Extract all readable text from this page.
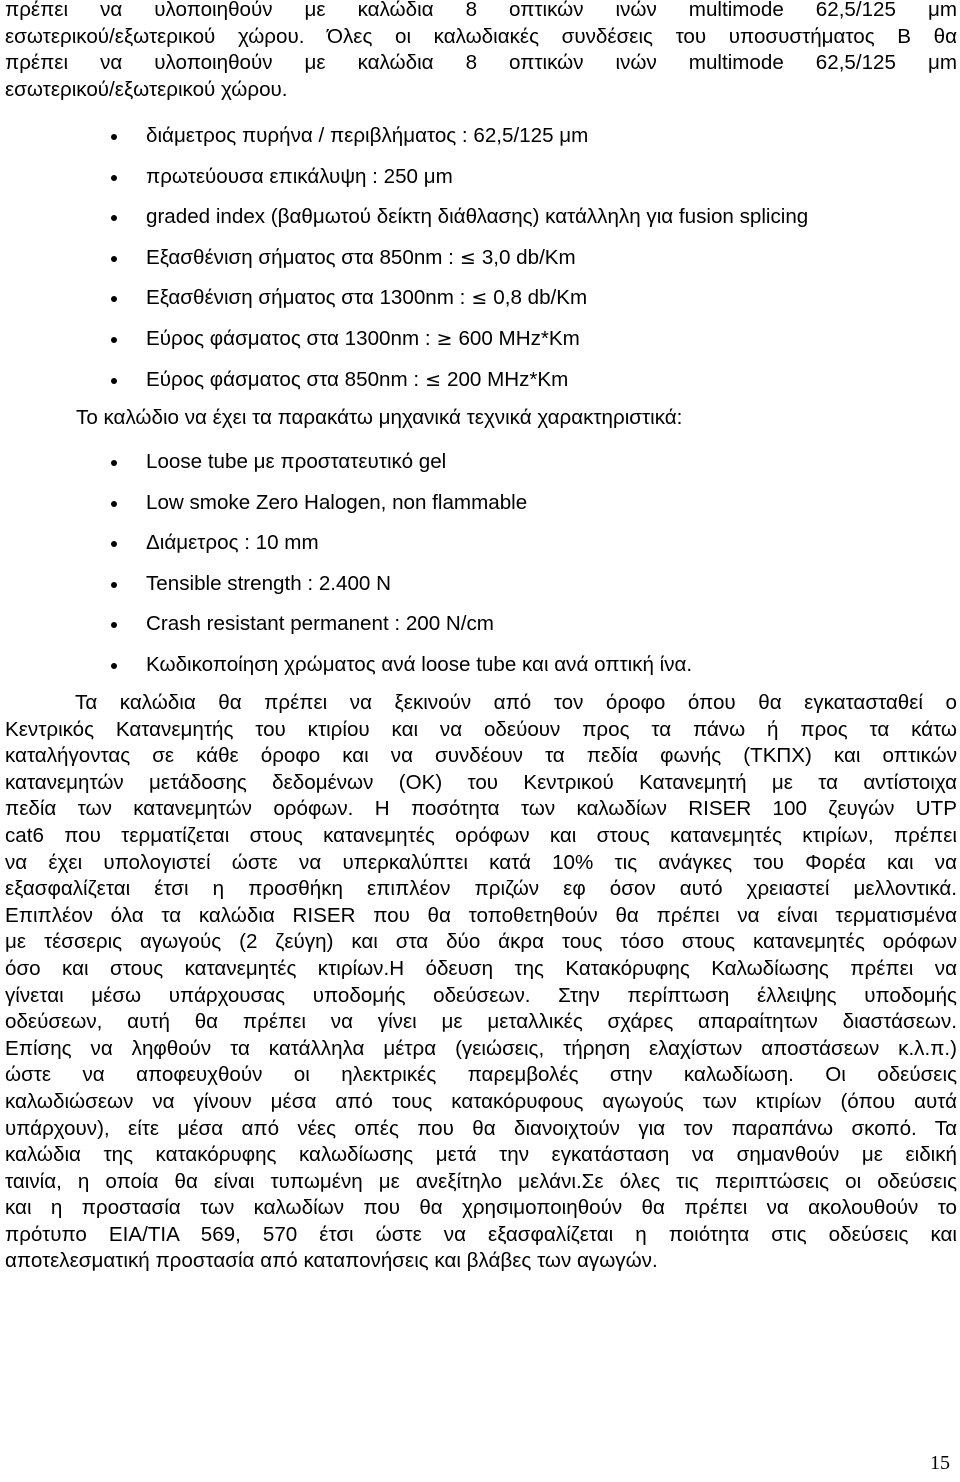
πρέπει να υλοποιηθούν με καλώδια 8 οπτικών ινών multimode 62,5/125 μm
εσωτερικού/εξωτερικού χώρου. Όλες οι καλωδιακές συνδέσεις του υποσυστήματος Β θα
πρέπει να υλοποιηθούν με καλώδια 8 οπτικών ινών multimode 62,5/125 μm
εσωτερικού/εξωτερικού χώρου.
διάμετρος πυρήνα / περιβλήματος : 62,5/125 μm
πρωτεύουσα επικάλυψη : 250 μm
graded index (βαθμωτού δείκτη διάθλασης) κατάλληλη για fusion splicing
Εξασθένιση σήματος στα 850nm : ≤ 3,0 db/Km
Εξασθένιση σήματος στα 1300nm : ≤ 0,8 db/Km
Εύρος φάσματος στα 1300nm : ≥ 600 MHz*Km
Εύρος φάσματος στα 850nm : ≤ 200 MHz*Km
Το καλώδιο να έχει τα παρακάτω μηχανικά τεχνικά χαρακτηριστικά:
Loose tube με προστατευτικό gel
Low smoke Zero Halogen, non flammable
Διάμετρος : 10 mm
Tensible strength : 2.400 N
Crash resistant permanent : 200 N/cm
Κωδικοποίηση χρώματος ανά loose tube και ανά οπτική ίνα.
Τα καλώδια θα πρέπει να ξεκινούν από τον όροφο όπου θα εγκατασταθεί ο
Κεντρικός Κατανεμητής του κτιρίου και να οδεύουν προς τα πάνω ή προς τα κάτω
καταλήγοντας σε κάθε όροφο και να συνδέουν τα πεδία φωνής (ΤΚΠΧ) και οπτικών
κατανεμητών μετάδοσης δεδομένων (ΟΚ) του Κεντρικού Κατανεμητή με τα αντίστοιχα
πεδία των κατανεμητών ορόφων. Η ποσότητα των καλωδίων RISER 100 ζευγών UTP
cat6 που τερματίζεται στους κατανεμητές ορόφων και στους κατανεμητές κτιρίων, πρέπει
να έχει υπολογιστεί ώστε να υπερκαλύπτει κατά 10% τις ανάγκες του Φορέα και να
εξασφαλίζεται έτσι η προσθήκη επιπλέον πριζών εφ όσον αυτό χρειαστεί μελλοντικά.
Επιπλέον όλα τα καλώδια RISER που θα τοποθετηθούν θα πρέπει να είναι τερματισμένα
με τέσσερις αγωγούς (2 ζεύγη) και στα δύο άκρα τους τόσο στους κατανεμητές ορόφων
όσο και στους κατανεμητές κτιρίων.Η όδευση της Κατακόρυφης Καλωδίωσης πρέπει να
γίνεται μέσω υπάρχουσας υποδομής οδεύσεων. Στην περίπτωση έλλειψης υποδομής
οδεύσεων, αυτή θα πρέπει να γίνει με μεταλλικές σχάρες απαραίτητων διαστάσεων.
Επίσης να ληφθούν τα κατάλληλα μέτρα (γειώσεις, τήρηση ελαχίστων αποστάσεων κ.λ.π.)
ώστε να αποφευχθούν οι ηλεκτρικές παρεμβολές στην καλωδίωση. Οι οδεύσεις
καλωδιώσεων να γίνουν μέσα από τους κατακόρυφους αγωγούς των κτιρίων (όπου αυτά
υπάρχουν), είτε μέσα από νέες οπές που θα διανοιχτούν για τον παραπάνω σκοπό. Τα
καλώδια της κατακόρυφης καλωδίωσης μετά την εγκατάσταση να σημανθούν με ειδική
ταινία, η οποία θα είναι τυπωμένη με ανεξίτηλο μελάνι.Σε όλες τις περιπτώσεις οι οδεύσεις
και η προστασία των καλωδίων που θα χρησιμοποιηθούν θα πρέπει να ακολουθούν το
πρότυπο EIA/TIA 569, 570 έτσι ώστε να εξασφαλίζεται η ποιότητα στις οδεύσεις και
αποτελεσματική προστασία από καταπονήσεις και βλάβες των αγωγών.
15
